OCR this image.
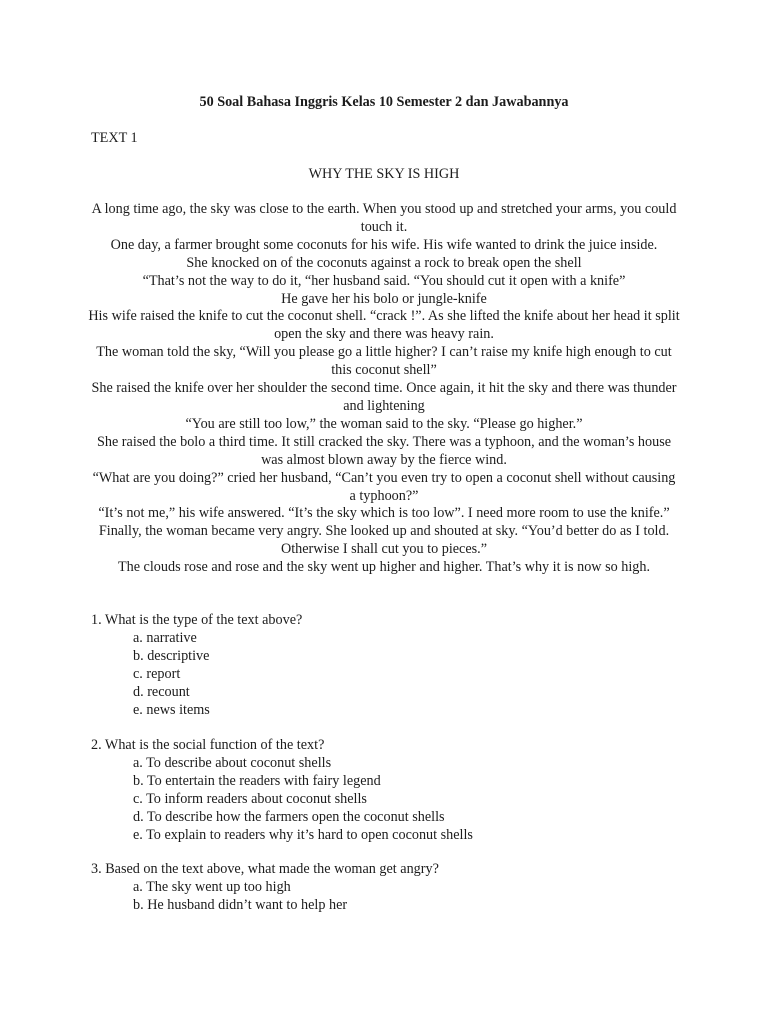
50 Soal Bahasa Inggris Kelas 10 Semester 2 dan Jawabannya
TEXT 1
WHY THE SKY IS HIGH

A long time ago, the sky was close to the earth. When you stood up and stretched your arms, you could touch it.

One day, a farmer brought some coconuts for his wife. His wife wanted to drink the juice inside.

She knocked on of the coconuts against a rock to break open the shell

“That’s not the way to do it, “her husband said. “You should cut it open with a knife”

He gave her his bolo or jungle-knife

His wife raised the knife to cut the coconut shell. “crack !”. As she lifted the knife about her head it split open the sky and there was heavy rain.

The woman told the sky, “Will you please go a little higher? I can’t raise my knife high enough to cut this coconut shell”

She raised the knife over her shoulder the second time. Once again, it hit the sky and there was thunder and lightening

“You are still too low,” the woman said to the sky. “Please go higher.”

She raised the bolo a third time. It still cracked the sky. There was a typhoon, and the woman’s house was almost blown away by the fierce wind.

“What are you doing?” cried her husband, “Can’t you even try to open a coconut shell without causing a typhoon?”

“It’s not me,” his wife answered. “It’s the sky which is too low”. I need more room to use the knife.”

Finally, the woman became very angry. She looked up and shouted at sky. “You’d better do as I told. Otherwise I shall cut you to pieces.”

The clouds rose and rose and the sky went up higher and higher. That’s why it is now so high.

1. What is the type of the text above?

a. narrative
b. descriptive
c. report
d. recount
e. news items

2. What is the social function of the text?

a. To describe about coconut shells
b. To entertain the readers with fairy legend
c. To inform readers about coconut shells
d. To describe how the farmers open the coconut shells
e. To explain to readers why it’s hard to open coconut shells

3. Based on the text above, what made the woman get angry?

a. The sky went up too high
b. He husband didn’t want to help her
